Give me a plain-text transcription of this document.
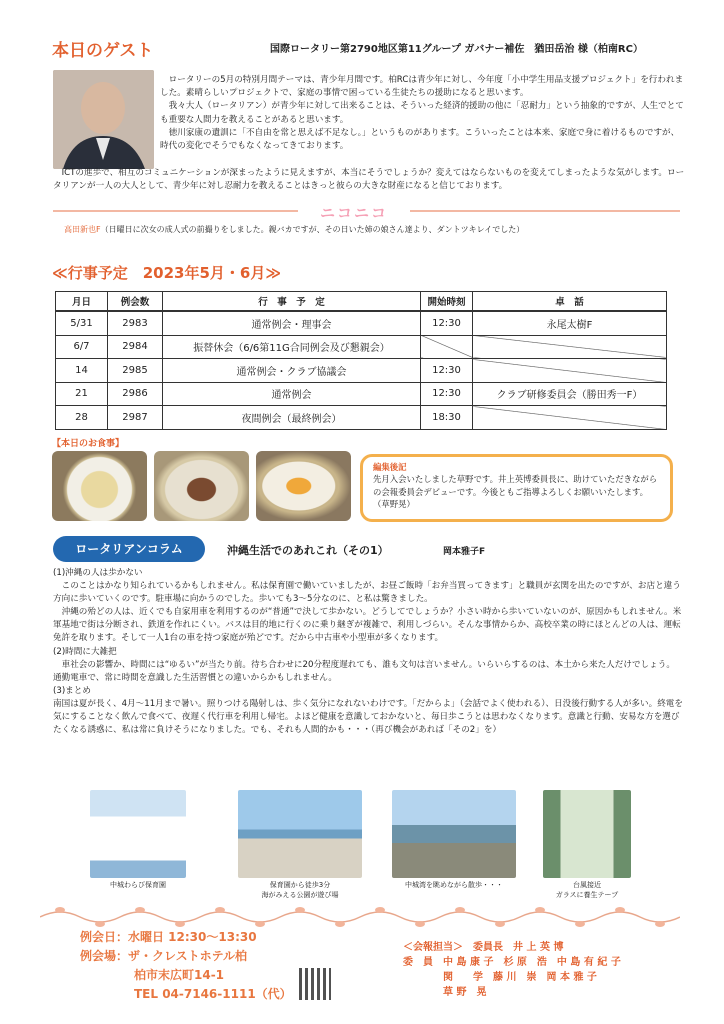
本日のゲスト	国際ロータリー第2790地区第11グループ ガバナー補佐　猶田岳治 様（柏南RC）

ロータリーの5月の特別月間テーマは、青少年月間です。柏RCは青少年に対し、今年度「小中学生用品支援プロジェクト」を行われました。素晴らしいプロジェクトで、家庭の事情で困っている生徒たちの援助になると思います。

我々大人（ロータリアン）が青少年に対して出来ることは、そういった経済的援助の他に「忍耐力」という抽象的ですが、人生でとても重要な人間力を教えることがあると思います。

徳川家康の遺訓に「不自由を常と思えば不足なし。」というものがあります。こういったことは本来、家庭で身に着けるものですが、時代の変化でそうでもなくなってきております。

ICTの進歩で、相互のコミュニケーションが深まったように見えますが、本当にそうでしょうか？変えてはならないものを変えてしまったような気がします。ロータリアンが一人の大人として、青少年に対し忍耐力を教えることはきっと彼らの大きな財産になると信じております。

ニコニコ
高田新也F（日曜日に次女の成人式の前撮りをしました。親バカですが、その日いた姉の娘さん達より、ダントツキレイでした）
≪行事予定　2023年5月・6月≫
月日	例会数	行　事　予　定	開始時刻	卓　話
5/31	2983	通常例会・理事会	12:30	永尾太樹F
6/7	2984	振替休会（6/6第11G合同例会及び懇親会）		
14	2985	通常例会・クラブ協議会	12:30	
21	2986	通常例会	12:30	クラブ研修委員会（勝田秀一F）
28	2987	夜間例会（最終例会）	18:30	
【本日のお食事】
編集後記
先月入会いたしました草野です。井上英博委員長に、助けていただきながらの会報委員会デビューです。今後ともご指導よろしくお願いいたします。（草野晃）
ロータリアンコラム	沖縄生活でのあれこれ（その1）	岡本雅子F

(1)沖縄の人は歩かない

このことはかなり知られているかもしれません。私は保育園で働いていましたが、お昼ご飯時「お弁当買ってきます」と職員が玄関を出たのですが、お店と違う方向に歩いていくのです。駐車場に向かうのでした。歩いても3～5分なのに、と私は驚きました。

沖縄の殆どの人は、近くでも自家用車を利用するのが“普通”で決して歩かない。どうしてでしょうか？小さい時から歩いていないのが、原因かもしれません。米軍基地で街は分断され、鉄道を作れにくい。バスは目的地に行くのに乗り継ぎが複雑で、利用しづらい。そんな事情からか、高校卒業の時にほとんどの人は、運転免許を取ります。そして一人1台の車を持つ家庭が殆どです。だから中古車や小型車が多くなります。

(2)時間に大雑把

車社会の影響か、時間には“ゆるい”が当たり前。待ち合わせに20分程度遅れても、誰も文句は言いません。いらいらするのは、本土から来た人だけでしょう。通勤電車で、常に時間を意識した生活習慣との違いからかもしれません。

(3)まとめ

南国は夏が長く、4月～11月まで暑い。照りつける陽射しは、歩く気分になれないわけです。「だからよ」（会話でよく使われる）、日没後行動する人が多い。終電を気にすることなく飲んで食べて、夜遅く代行車を利用し帰宅。よほど健康を意識しておかないと、毎日歩こうとは思わなくなります。意識と行動、安易な方を選びたくなる誘惑に、私は常に負けそうになりました。でも、それも人間的かも・・・（再び機会があれば「その2」を）

中城わらび保育園	保育園から徒歩3分
海がみえる公園が遊び場
中城湾を眺めながら散歩・・・	台風接近
ガラスに養生テープ
例会日：水曜日 12:30～13:30
例会場：ザ・クレストホテル柏
柏市末広町14-1
TEL 04-7146-1111（代）
＜会報担当＞　委員長　井 上 英 博
委　員　中 島 康 子　杉 原　浩　中 島 有 紀 子
　　　　関　　学　藤 川　崇　岡 本 雅 子
　　　　草 野　晃
